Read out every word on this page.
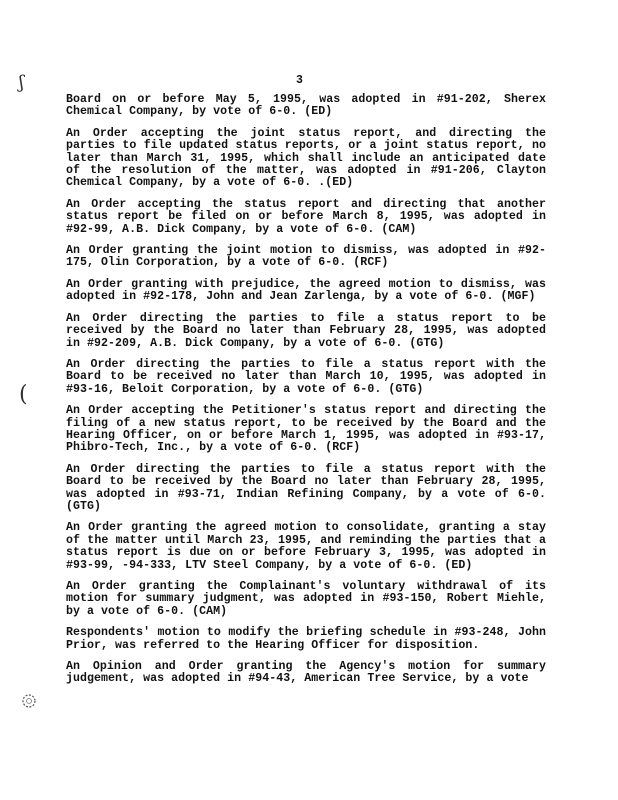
ʃ
(
3

Board on or before May 5, 1995, was adopted in #91-202, Sherex Chemical Company, by vote of 6-0. (ED)

An Order accepting the joint status report, and directing the parties to file updated status reports, or a joint status report, no later than March 31, 1995, which shall include an anticipated date of the resolution of the matter, was adopted in #91-206, Clayton Chemical Company, by a vote of 6-0. .(ED)

An Order accepting the status report and directing that another status report be filed on or before March 8, 1995, was adopted in #92-99, A.B. Dick Company, by a vote of 6-0. (CAM)

An Order granting the joint motion to dismiss, was adopted in #92-175, Olin Corporation, by a vote of 6-0. (RCF)

An Order granting with prejudice, the agreed motion to dismiss, was adopted in #92-178, John and Jean Zarlenga, by a vote of 6-0. (MGF)

An Order directing the parties to file a status report to be received by the Board no later than February 28, 1995, was adopted in #92-209, A.B. Dick Company, by a vote of 6-0. (GTG)

An Order directing the parties to file a status report with the Board to be received no later than March 10, 1995, was adopted in #93-16, Beloit Corporation, by a vote of 6-0. (GTG)

An Order accepting the Petitioner's status report and directing the filing of a new status report, to be received by the Board and the Hearing Officer, on or before March 1, 1995, was adopted in #93-17, Phibro-Tech, Inc., by a vote of 6-0. (RCF)

An Order directing the parties to file a status report with the Board to be received by the Board no later than February 28, 1995, was adopted in #93-71, Indian Refining Company, by a vote of 6-0. (GTG)

An Order granting the agreed motion to consolidate, granting a stay of the matter until March 23, 1995, and reminding the parties that a status report is due on or before February 3, 1995, was adopted in #93-99, -94-333, LTV Steel Company, by a vote of 6-0. (ED)

An Order granting the Complainant's voluntary withdrawal of its motion for summary judgment, was adopted in #93-150, Robert Miehle, by a vote of 6-0. (CAM)

Respondents' motion to modify the briefing schedule in #93-248, John Prior, was referred to the Hearing Officer for disposition.

An Opinion and Order granting the Agency's motion for summary judgement, was adopted in #94-43, American Tree Service, by a vote
